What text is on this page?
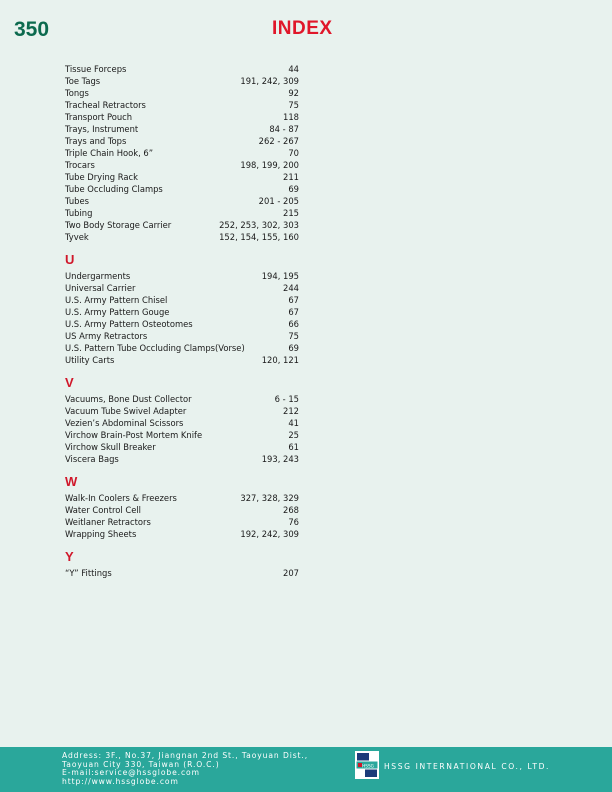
350	INDEX
Tissue Forceps	44
Toe Tags	191, 242, 309
Tongs	92
Tracheal Retractors	75
Transport Pouch	118
Trays, Instrument	84 - 87
Trays and Tops	262 - 267
Triple Chain Hook, 6”	70
Trocars	198, 199, 200
Tube Drying Rack	211
Tube Occluding Clamps	69
Tubes	201 - 205
Tubing	215
Two Body Storage Carrier	252, 253, 302, 303
Tyvek	152, 154, 155, 160
U
Undergarments	194, 195
Universal Carrier	244
U.S. Army Pattern Chisel	67
U.S. Army Pattern Gouge	67
U.S. Army Pattern Osteotomes	66
US Army Retractors	75
U.S. Pattern Tube Occluding Clamps(Vorse)	69
Utility Carts	120, 121
V
Vacuums, Bone Dust Collector	6 - 15
Vacuum Tube Swivel Adapter	212
Vezien’s Abdominal Scissors	41
Virchow Brain-Post Mortem Knife	25
Virchow Skull Breaker	61
Viscera Bags	193, 243
W
Walk-In Coolers & Freezers	327, 328, 329
Water Control Cell	268
Weitlaner Retractors	76
Wrapping Sheets	192, 242, 309
Y
“Y” Fittings	207
Address: 3F., No.37, Jiangnan 2nd St., Taoyuan Dist.,
Taoyuan City 330, Taiwan (R.O.C.)
E-mail:service@hssglobe.com
http://www.hssglobe.com
HSSG HSSG INTERNATIONAL CO., LTD.
